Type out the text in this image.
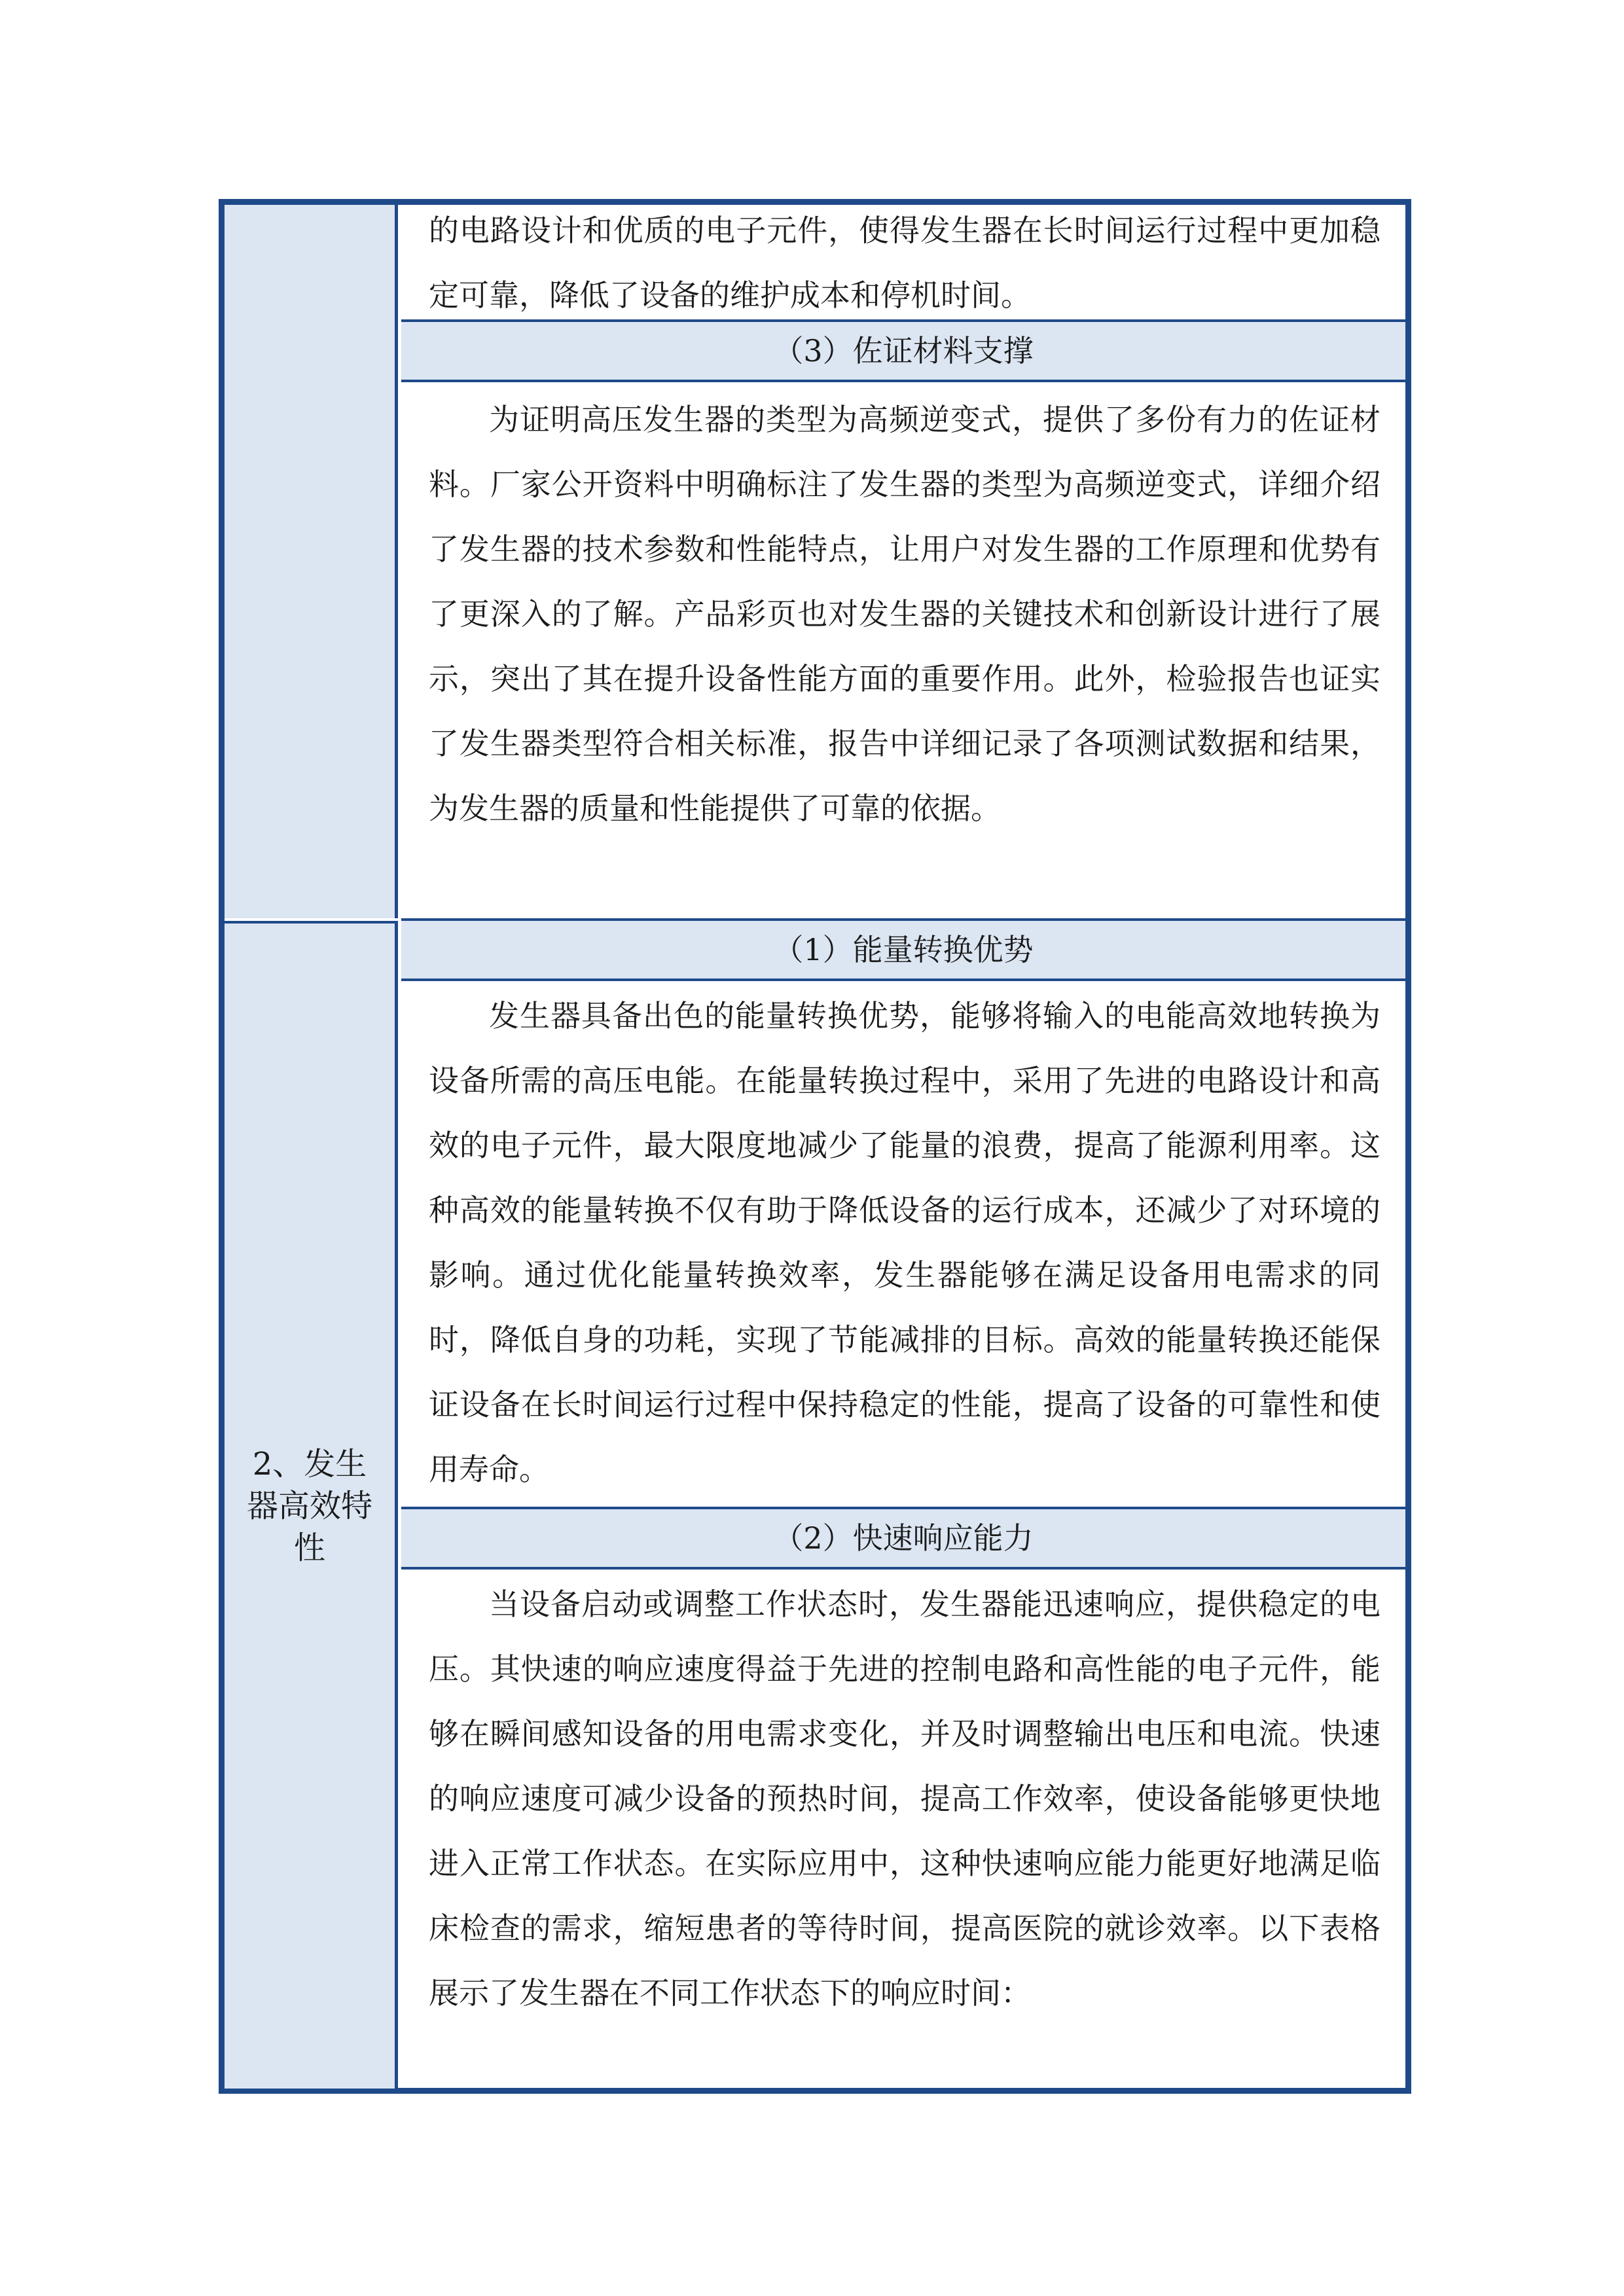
2、发生器高效特性

的电路设计和优质的电子元件，使得发生器在长时间运行过程中更加稳定可靠，降低了设备的维护成本和停机时间。

（3）佐证材料支撑

为证明高压发生器的类型为高频逆变式，提供了多份有力的佐证材料。厂家公开资料中明确标注了发生器的类型为高频逆变式，详细介绍了发生器的技术参数和性能特点，让用户对发生器的工作原理和优势有了更深入的了解。产品彩页也对发生器的关键技术和创新设计进行了展示，突出了其在提升设备性能方面的重要作用。此外，检验报告也证实了发生器类型符合相关标准，报告中详细记录了各项测试数据和结果，为发生器的质量和性能提供了可靠的依据。

（1）能量转换优势

发生器具备出色的能量转换优势，能够将输入的电能高效地转换为设备所需的高压电能。在能量转换过程中，采用了先进的电路设计和高效的电子元件，最大限度地减少了能量的浪费，提高了能源利用率。这种高效的能量转换不仅有助于降低设备的运行成本，还减少了对环境的影响。通过优化能量转换效率，发生器能够在满足设备用电需求的同时，降低自身的功耗，实现了节能减排的目标。高效的能量转换还能保证设备在长时间运行过程中保持稳定的性能，提高了设备的可靠性和使用寿命。

（2）快速响应能力

当设备启动或调整工作状态时，发生器能迅速响应，提供稳定的电压。其快速的响应速度得益于先进的控制电路和高性能的电子元件，能够在瞬间感知设备的用电需求变化，并及时调整输出电压和电流。快速的响应速度可减少设备的预热时间，提高工作效率，使设备能够更快地进入正常工作状态。在实际应用中，这种快速响应能力能更好地满足临床检查的需求，缩短患者的等待时间，提高医院的就诊效率。以下表格展示了发生器在不同工作状态下的响应时间：
